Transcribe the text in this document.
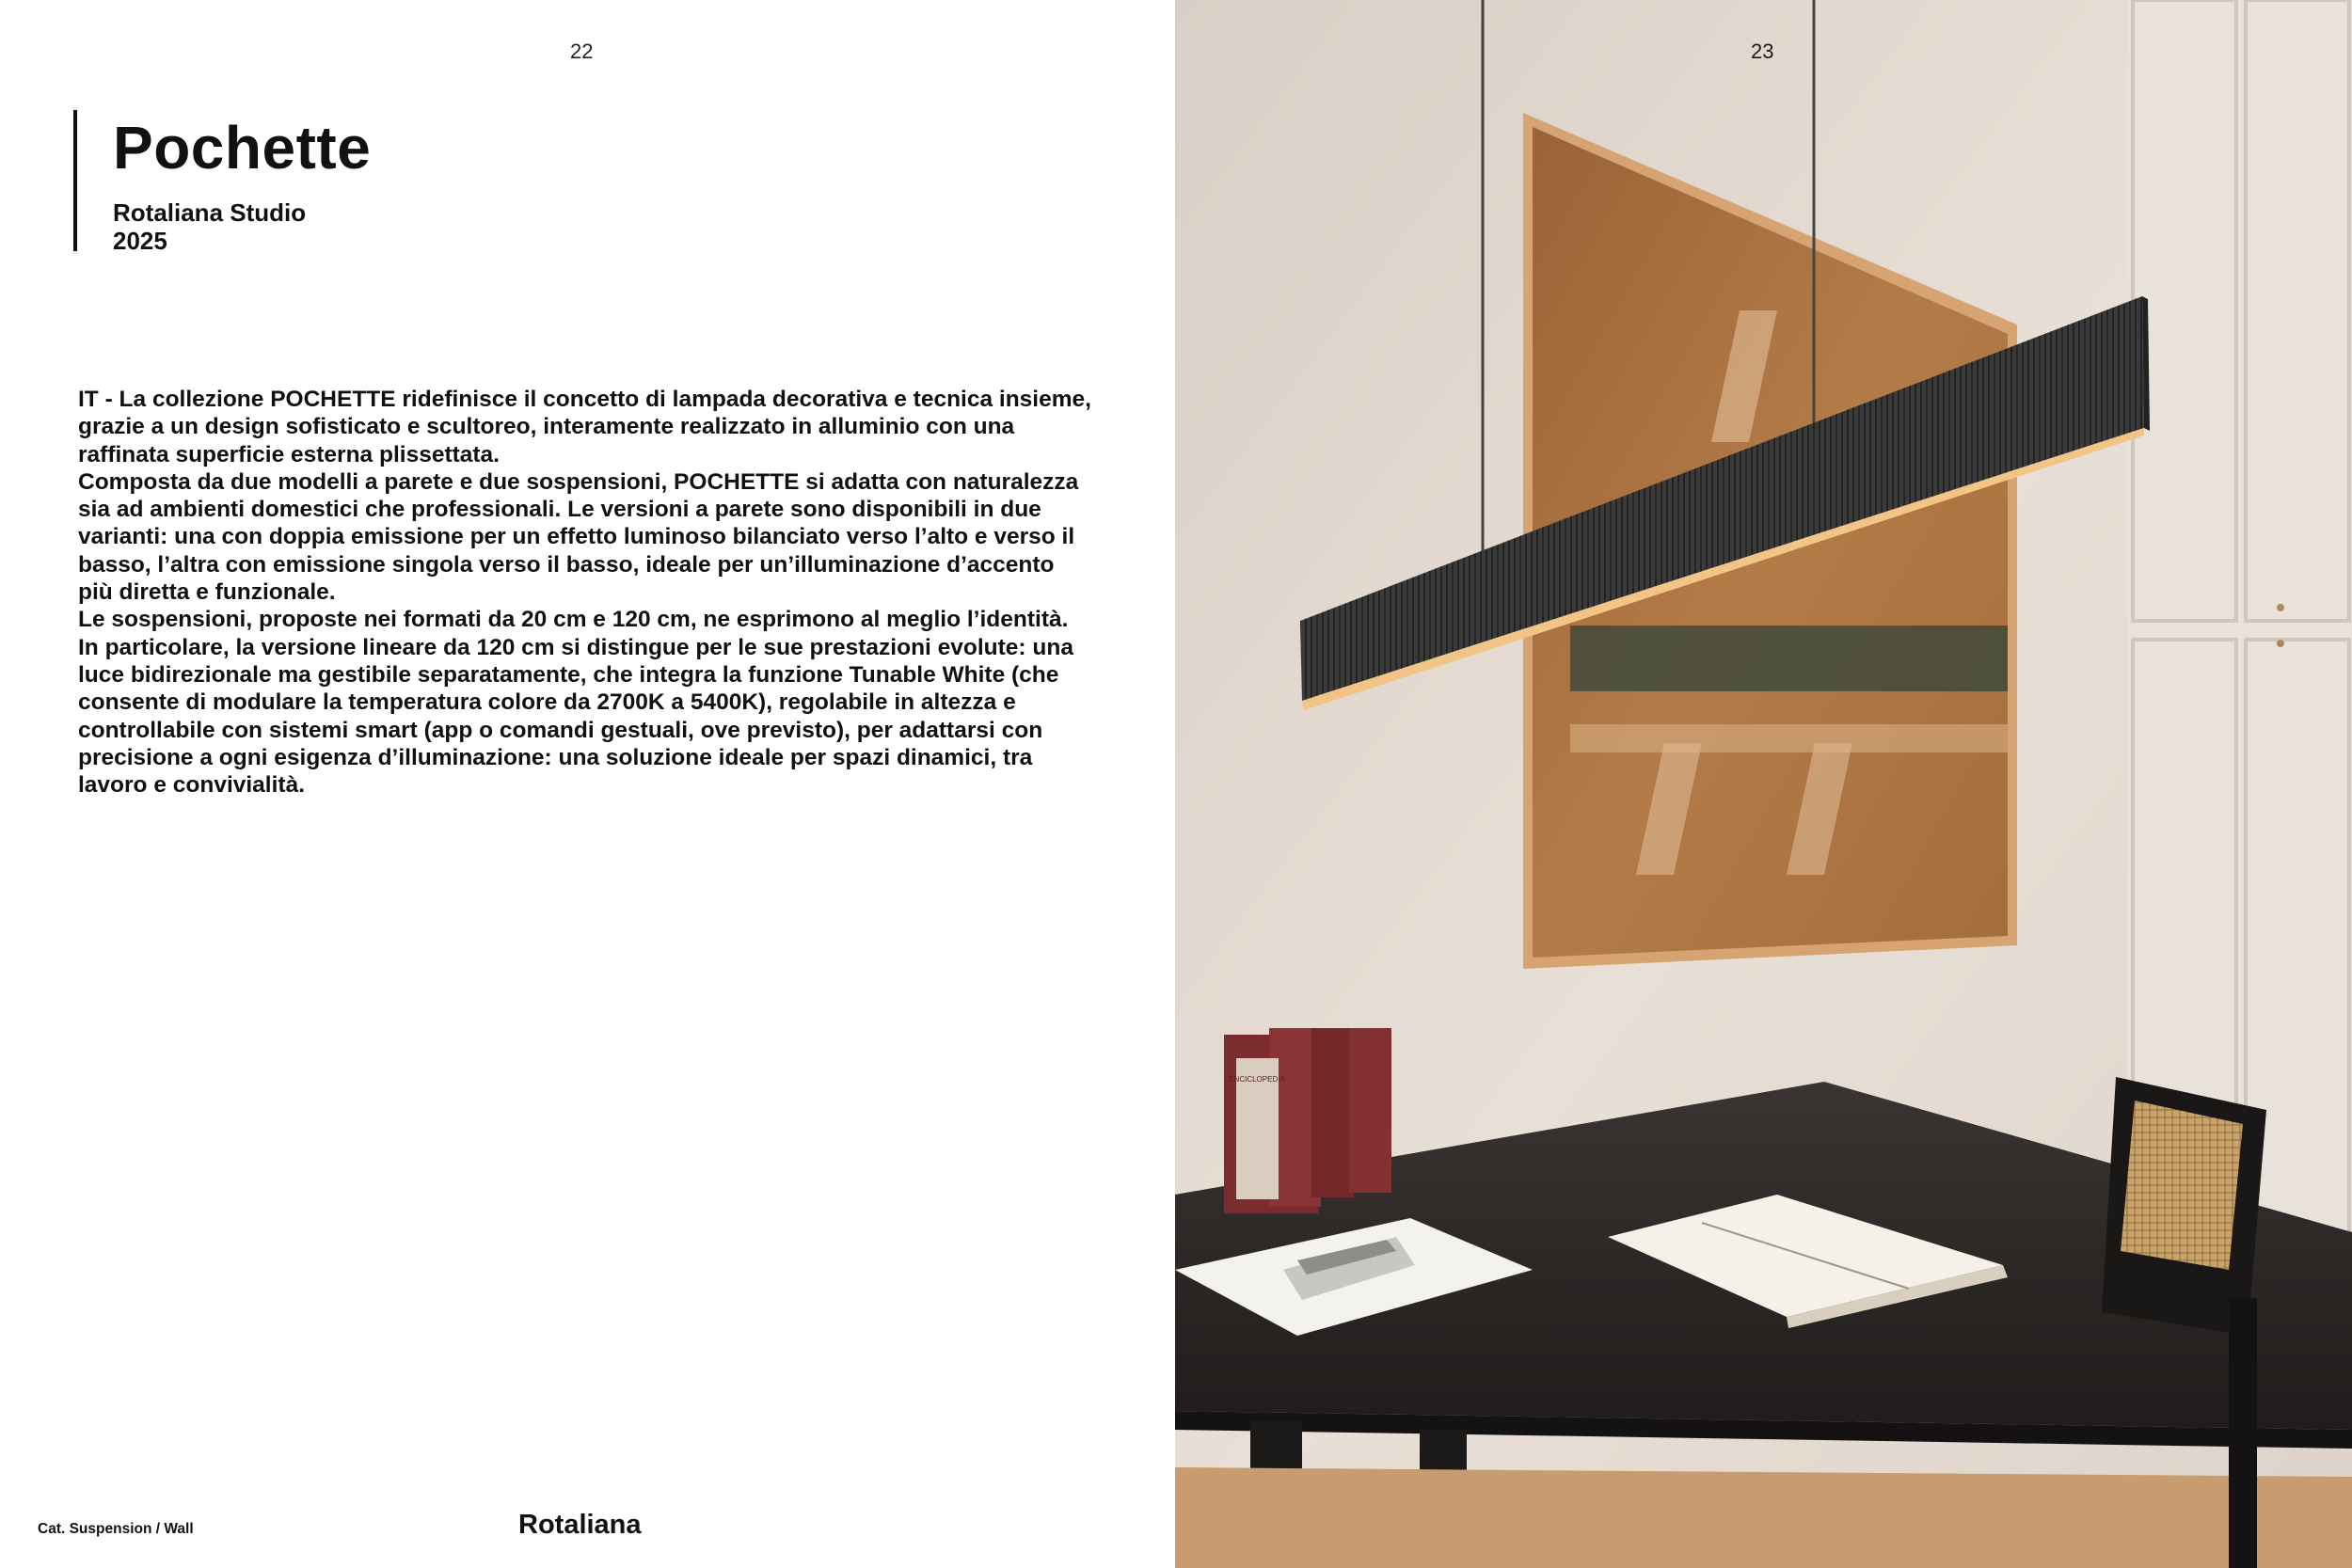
22
Pochette
Rotaliana Studio
2025

IT - La collezione POCHETTE ridefinisce il concetto di lampada decorativa e tecnica insieme, grazie a un design sofisticato e scultoreo, interamente realizzato in alluminio con una raffinata superficie esterna plissettata.

Composta da due modelli a parete e due sospensioni, POCHETTE si adatta con naturalezza sia ad ambienti domestici che professionali. Le versioni a parete sono disponibili in due varianti: una con doppia emissione per un effetto luminoso bilanciato verso l’alto e verso il basso, l’altra con emissione singola verso il basso, ideale per un’illuminazione d’accento più diretta e funzionale.

Le sospensioni, proposte nei formati da 20 cm e 120 cm, ne esprimono al meglio l’identità. In particolare, la versione lineare da 120 cm si distingue per le sue prestazioni evolute: una luce bidirezionale ma gestibile separatamente, che integra la funzione Tunable White (che consente di modulare la temperatura colore da 2700K a 5400K), regolabile in altezza e controllabile con sistemi smart (app o comandi gestuali, ove previsto), per adattarsi con precisione a ogni esigenza d’illuminazione: una soluzione ideale per spazi dinamici, tra lavoro e convivialità.

Cat. Suspension / Wall	Rotaliana
23
ENCICLOPEDIA
